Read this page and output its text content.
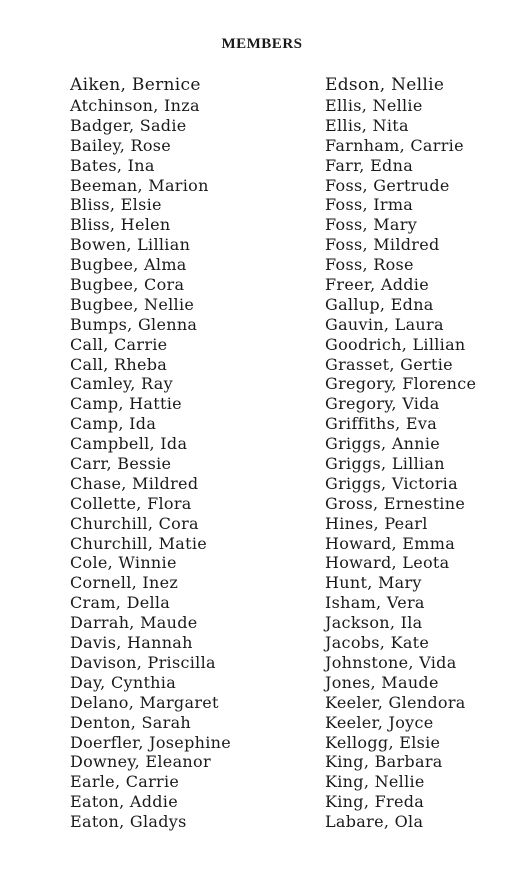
MEMBERS
Aiken, Bernice
Atchinson, Inza
Badger, Sadie
Bailey, Rose
Bates, Ina
Beeman, Marion
Bliss, Elsie
Bliss, Helen
Bowen, Lillian
Bugbee, Alma
Bugbee, Cora
Bugbee, Nellie
Bumps, Glenna
Call, Carrie
Call, Rheba
Camley, Ray
Camp, Hattie
Camp, Ida
Campbell, Ida
Carr, Bessie
Chase, Mildred
Collette, Flora
Churchill, Cora
Churchill, Matie
Cole, Winnie
Cornell, Inez
Cram, Della
Darrah, Maude
Davis, Hannah
Davison, Priscilla
Day, Cynthia
Delano, Margaret
Denton, Sarah
Doerfler, Josephine
Downey, Eleanor
Earle, Carrie
Eaton, Addie
Eaton, Gladys
Edson, Nellie
Ellis, Nellie
Ellis, Nita
Farnham, Carrie
Farr, Edna
Foss, Gertrude
Foss, Irma
Foss, Mary
Foss, Mildred
Foss, Rose
Freer, Addie
Gallup, Edna
Gauvin, Laura
Goodrich, Lillian
Grasset, Gertie
Gregory, Florence
Gregory, Vida
Griffiths, Eva
Griggs, Annie
Griggs, Lillian
Griggs, Victoria
Gross, Ernestine
Hines, Pearl
Howard, Emma
Howard, Leota
Hunt, Mary
Isham, Vera
Jackson, Ila
Jacobs, Kate
Johnstone, Vida
Jones, Maude
Keeler, Glendora
Keeler, Joyce
Kellogg, Elsie
King, Barbara
King, Nellie
King, Freda
Labare, Ola
